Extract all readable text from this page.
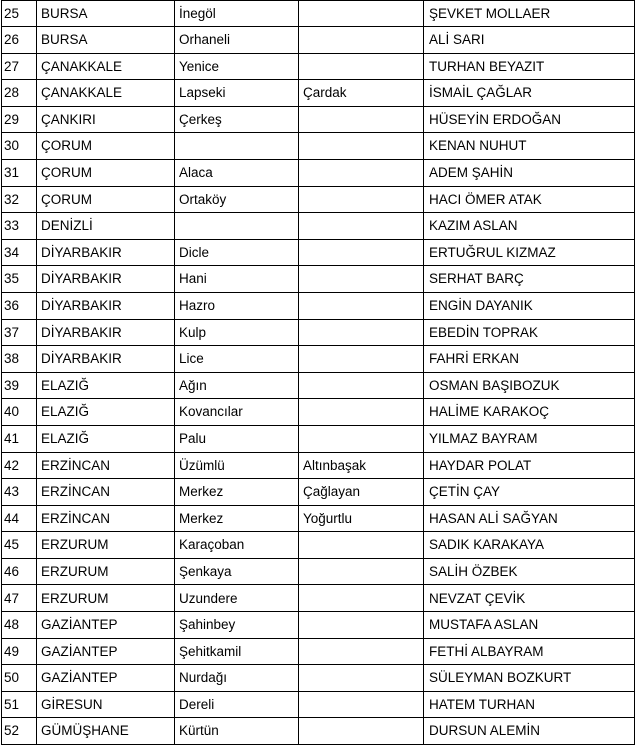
25	BURSA	İnegöl		ŞEVKET MOLLAER
26	BURSA	Orhaneli		ALİ SARI
27	ÇANAKKALE	Yenice		TURHAN BEYAZIT
28	ÇANAKKALE	Lapseki	Çardak	İSMAİL ÇAĞLAR
29	ÇANKIRI	Çerkeş		HÜSEYİN ERDOĞAN
30	ÇORUM			KENAN NUHUT
31	ÇORUM	Alaca		ADEM ŞAHİN
32	ÇORUM	Ortaköy		HACI ÖMER ATAK
33	DENİZLİ			KAZIM ASLAN
34	DİYARBAKIR	Dicle		ERTUĞRUL KIZMAZ
35	DİYARBAKIR	Hani		SERHAT BARÇ
36	DİYARBAKIR	Hazro		ENGİN DAYANIK
37	DİYARBAKIR	Kulp		EBEDİN TOPRAK
38	DİYARBAKIR	Lice		FAHRİ ERKAN
39	ELAZIĞ	Ağın		OSMAN BAŞIBOZUK
40	ELAZIĞ	Kovancılar		HALİME KARAKOÇ
41	ELAZIĞ	Palu		YILMAZ BAYRAM
42	ERZİNCAN	Üzümlü	Altınbaşak	HAYDAR POLAT
43	ERZİNCAN	Merkez	Çağlayan	ÇETİN ÇAY
44	ERZİNCAN	Merkez	Yoğurtlu	HASAN ALİ SAĞYAN
45	ERZURUM	Karaçoban		SADIK KARAKAYA
46	ERZURUM	Şenkaya		SALİH ÖZBEK
47	ERZURUM	Uzundere		NEVZAT ÇEVİK
48	GAZİANTEP	Şahinbey		MUSTAFA ASLAN
49	GAZİANTEP	Şehitkamil		FETHİ ALBAYRAM
50	GAZİANTEP	Nurdağı		SÜLEYMAN BOZKURT
51	GİRESUN	Dereli		HATEM TURHAN
52	GÜMÜŞHANE	Kürtün		DURSUN ALEMİN
